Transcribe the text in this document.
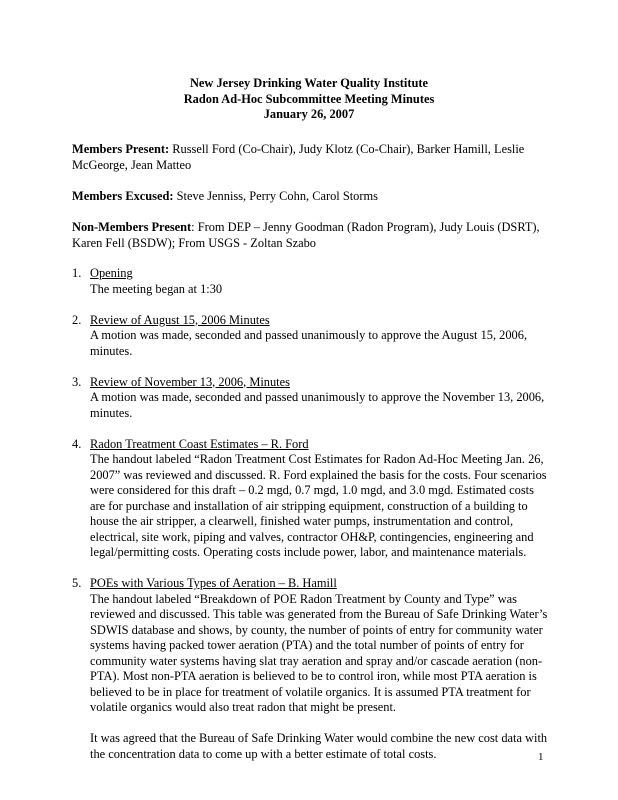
New Jersey Drinking Water Quality Institute
Radon Ad-Hoc Subcommittee Meeting Minutes
January 26, 2007
Members Present: Russell Ford (Co-Chair), Judy Klotz (Co-Chair), Barker Hamill, Leslie McGeorge, Jean Matteo
Members Excused: Steve Jenniss, Perry Cohn, Carol Storms
Non-Members Present: From DEP – Jenny Goodman (Radon Program), Judy Louis (DSRT), Karen Fell (BSDW); From USGS - Zoltan Szabo
1. Opening

The meeting began at 1:30

2. Review of August 15, 2006 Minutes

A motion was made, seconded and passed unanimously to approve the August 15, 2006, minutes.

3. Review of November 13, 2006, Minutes

A motion was made, seconded and passed unanimously to approve the November 13, 2006, minutes.

4. Radon Treatment Coast Estimates – R. Ford

The handout labeled “Radon Treatment Cost Estimates for Radon Ad-Hoc Meeting Jan. 26, 2007” was reviewed and discussed. R. Ford explained the basis for the costs. Four scenarios were considered for this draft – 0.2 mgd, 0.7 mgd, 1.0 mgd, and 3.0 mgd. Estimated costs are for purchase and installation of air stripping equipment, construction of a building to house the air stripper, a clearwell, finished water pumps, instrumentation and control, electrical, site work, piping and valves, contractor OH&P, contingencies, engineering and legal/permitting costs. Operating costs include power, labor, and maintenance materials.

5. POEs with Various Types of Aeration – B. Hamill

The handout labeled “Breakdown of POE Radon Treatment by County and Type” was reviewed and discussed. This table was generated from the Bureau of Safe Drinking Water’s SDWIS database and shows, by county, the number of points of entry for community water systems having packed tower aeration (PTA) and the total number of points of entry for community water systems having slat tray aeration and spray and/or cascade aeration (non-PTA). Most non-PTA aeration is believed to be to control iron, while most PTA aeration is believed to be in place for treatment of volatile organics. It is assumed PTA treatment for volatile organics would also treat radon that might be present.

It was agreed that the Bureau of Safe Drinking Water would combine the new cost data with the concentration data to come up with a better estimate of total costs.	1
